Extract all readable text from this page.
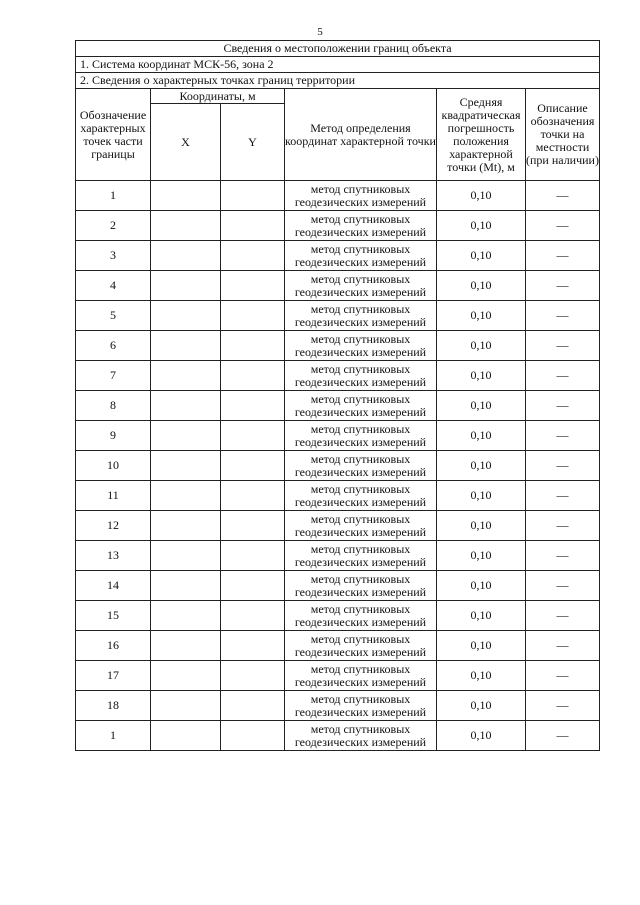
5
Сведения о местоположении границ объекта					
1. Система координат МСК-56, зона 2					
2. Сведения о характерных точках границ территории					
Обозначение характерных точек части границы	Координаты, м		Метод определения координат характерной точки	Средняя квадратическая погрешность положения характерной точки (Mt), м	Описание обозначения точки на местности (при наличии)
	X	Y			
1			метод спутниковых геодезических измерений	0,10	—
2			метод спутниковых геодезических измерений	0,10	—
3			метод спутниковых геодезических измерений	0,10	—
4			метод спутниковых геодезических измерений	0,10	—
5			метод спутниковых геодезических измерений	0,10	—
6			метод спутниковых геодезических измерений	0,10	—
7			метод спутниковых геодезических измерений	0,10	—
8			метод спутниковых геодезических измерений	0,10	—
9			метод спутниковых геодезических измерений	0,10	—
10			метод спутниковых геодезических измерений	0,10	—
11			метод спутниковых геодезических измерений	0,10	—
12			метод спутниковых геодезических измерений	0,10	—
13			метод спутниковых геодезических измерений	0,10	—
14			метод спутниковых геодезических измерений	0,10	—
15			метод спутниковых геодезических измерений	0,10	—
16			метод спутниковых геодезических измерений	0,10	—
17			метод спутниковых геодезических измерений	0,10	—
18			метод спутниковых геодезических измерений	0,10	—
1			метод спутниковых геодезических измерений	0,10	—
